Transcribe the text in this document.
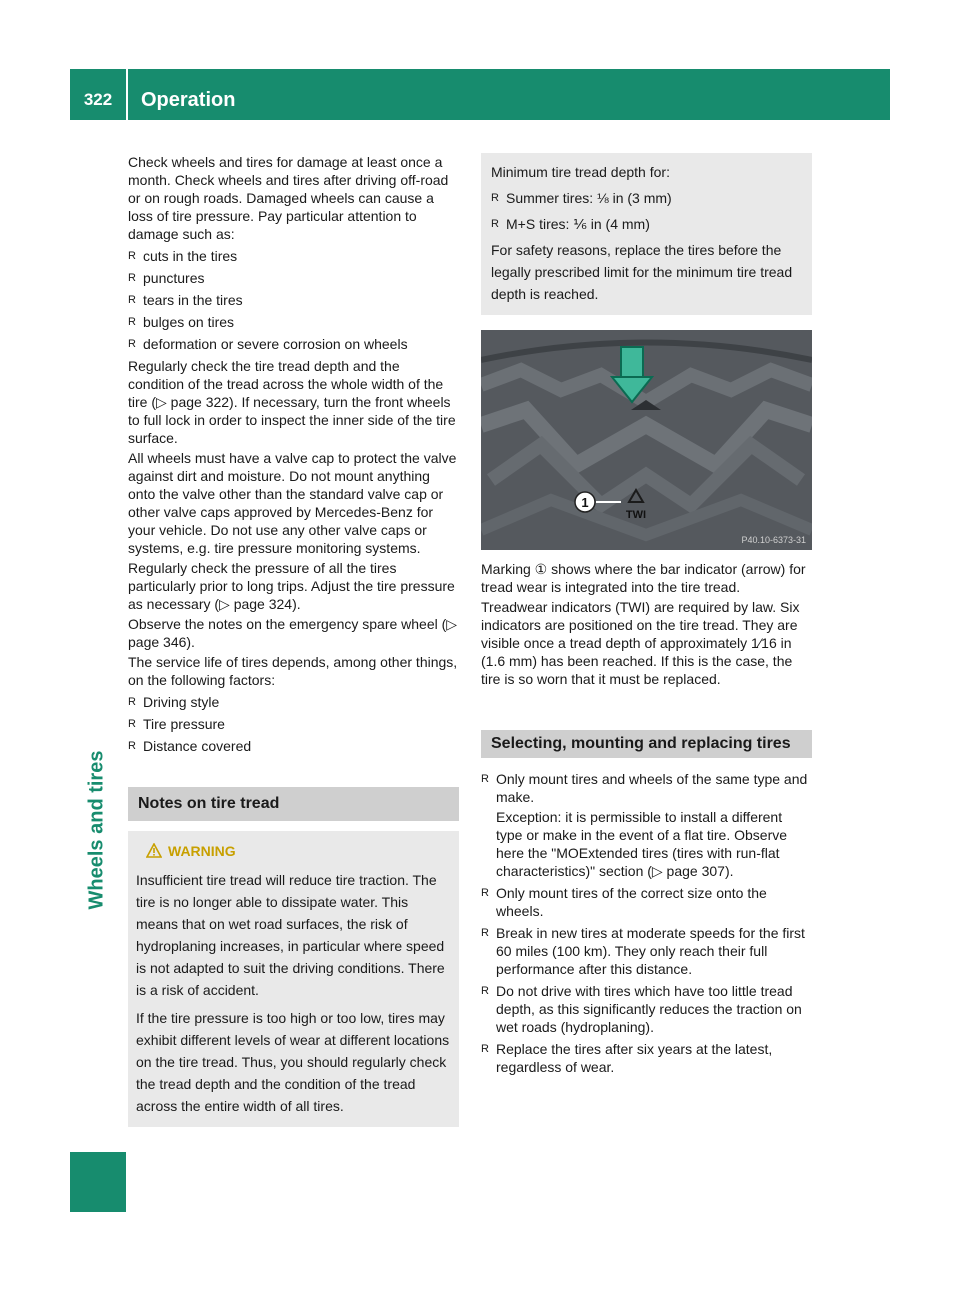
322	Operation
Wheels and tires

Check wheels and tires for damage at least once a month. Check wheels and tires after driving off-road or on rough roads. Damaged wheels can cause a loss of tire pressure. Pay particular attention to damage such as:

R cuts in the tires
R punctures
R tears in the tires
R bulges on tires
R deformation or severe corrosion on wheels

Regularly check the tire tread depth and the condition of the tread across the whole width of the tire (▷ page 322). If necessary, turn the front wheels to full lock in order to inspect the inner side of the tire surface.

All wheels must have a valve cap to protect the valve against dirt and moisture. Do not mount anything onto the valve other than the standard valve cap or other valve caps approved by Mercedes-Benz for your vehicle. Do not use any other valve caps or systems, e.g. tire pressure monitoring systems.

Regularly check the pressure of all the tires particularly prior to long trips. Adjust the tire pressure as necessary (▷ page 324).

Observe the notes on the emergency spare wheel (▷ page 346).

The service life of tires depends, among other things, on the following factors:

R Driving style
R Tire pressure
R Distance covered
Notes on tire tread
WARNING

Insufficient tire tread will reduce tire traction. The tire is no longer able to dissipate water. This means that on wet road surfaces, the risk of hydroplaning increases, in particular where speed is not adapted to suit the driving conditions. There is a risk of accident.

If the tire pressure is too high or too low, tires may exhibit different levels of wear at different locations on the tire tread. Thus, you should regularly check the tread depth and the condition of the tread across the entire width of all tires.

Minimum tire tread depth for:

R Summer tires: ⅛ in (3 mm)
R M+S tires: ⅙ in (4 mm)

For safety reasons, replace the tires before the legally prescribed limit for the minimum tire tread depth is reached.

1
TWI
P40.10-6373-31

Marking ① shows where the bar indicator (arrow) for tread wear is integrated into the tire tread.

Treadwear indicators (TWI) are required by law. Six indicators are positioned on the tire tread. They are visible once a tread depth of approximately 1⁄16 in (1.6 mm) has been reached. If this is the case, the tire is so worn that it must be replaced.

Selecting, mounting and replacing tires
R Only mount tires and wheels of the same type and make.

Exception: it is permissible to install a different type or make in the event of a flat tire. Observe here the "MOExtended tires (tires with run-flat characteristics)" section (▷ page 307).

R Only mount tires of the correct size onto the wheels.
R Break in new tires at moderate speeds for the first 60 miles (100 km). They only reach their full performance after this distance.
R Do not drive with tires which have too little tread depth, as this significantly reduces the traction on wet roads (hydroplaning).
R Replace the tires after six years at the latest, regardless of wear.
